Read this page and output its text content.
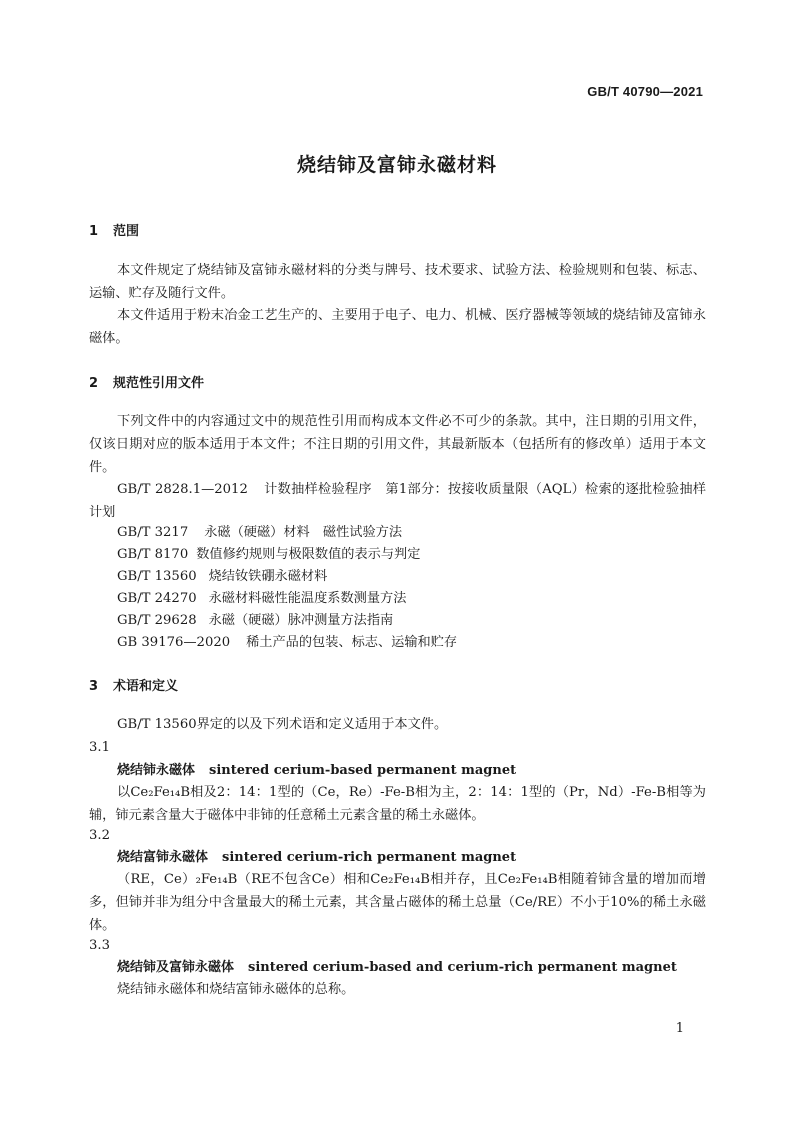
GB/T 40790—2021
烧结铈及富铈永磁材料
1 范围
本文件规定了烧结铈及富铈永磁材料的分类与牌号、技术要求、试验方法、检验规则和包装、标志、运输、贮存及随行文件。
本文件适用于粉末冶金工艺生产的、主要用于电子、电力、机械、医疗器械等领域的烧结铈及富铈永磁体。
2 规范性引用文件
下列文件中的内容通过文中的规范性引用而构成本文件必不可少的条款。其中，注日期的引用文件，仅该日期对应的版本适用于本文件；不注日期的引用文件，其最新版本（包括所有的修改单）适用于本文件。
GB/T 2828.1—2012 计数抽样检验程序　第1部分：按接收质量限（AQL）检索的逐批检验抽样计划
GB/T 3217 永磁（硬磁）材料　磁性试验方法
GB/T 8170 数值修约规则与极限数值的表示与判定
GB/T 13560 烧结钕铁硼永磁材料
GB/T 24270 永磁材料磁性能温度系数测量方法
GB/T 29628 永磁（硬磁）脉冲测量方法指南
GB 39176—2020 稀土产品的包装、标志、运输和贮存
3 术语和定义
GB/T 13560界定的以及下列术语和定义适用于本文件。
3.1
烧结铈永磁体 sintered cerium-based permanent magnet
以Ce₂Fe₁₄B相及2：14：1型的（Ce，Re）-Fe-B相为主，2：14：1型的（Pr，Nd）-Fe-B相等为辅，铈元素含量大于磁体中非铈的任意稀土元素含量的稀土永磁体。
3.2
烧结富铈永磁体 sintered cerium-rich permanent magnet
（RE，Ce）₂Fe₁₄B（RE不包含Ce）相和Ce₂Fe₁₄B相并存，且Ce₂Fe₁₄B相随着铈含量的增加而增多，但铈并非为组分中含量最大的稀土元素，其含量占磁体的稀土总量（Ce/RE）不小于10%的稀土永磁体。
3.3
烧结铈及富铈永磁体 sintered cerium-based and cerium-rich permanent magnet
烧结铈永磁体和烧结富铈永磁体的总称。
1
